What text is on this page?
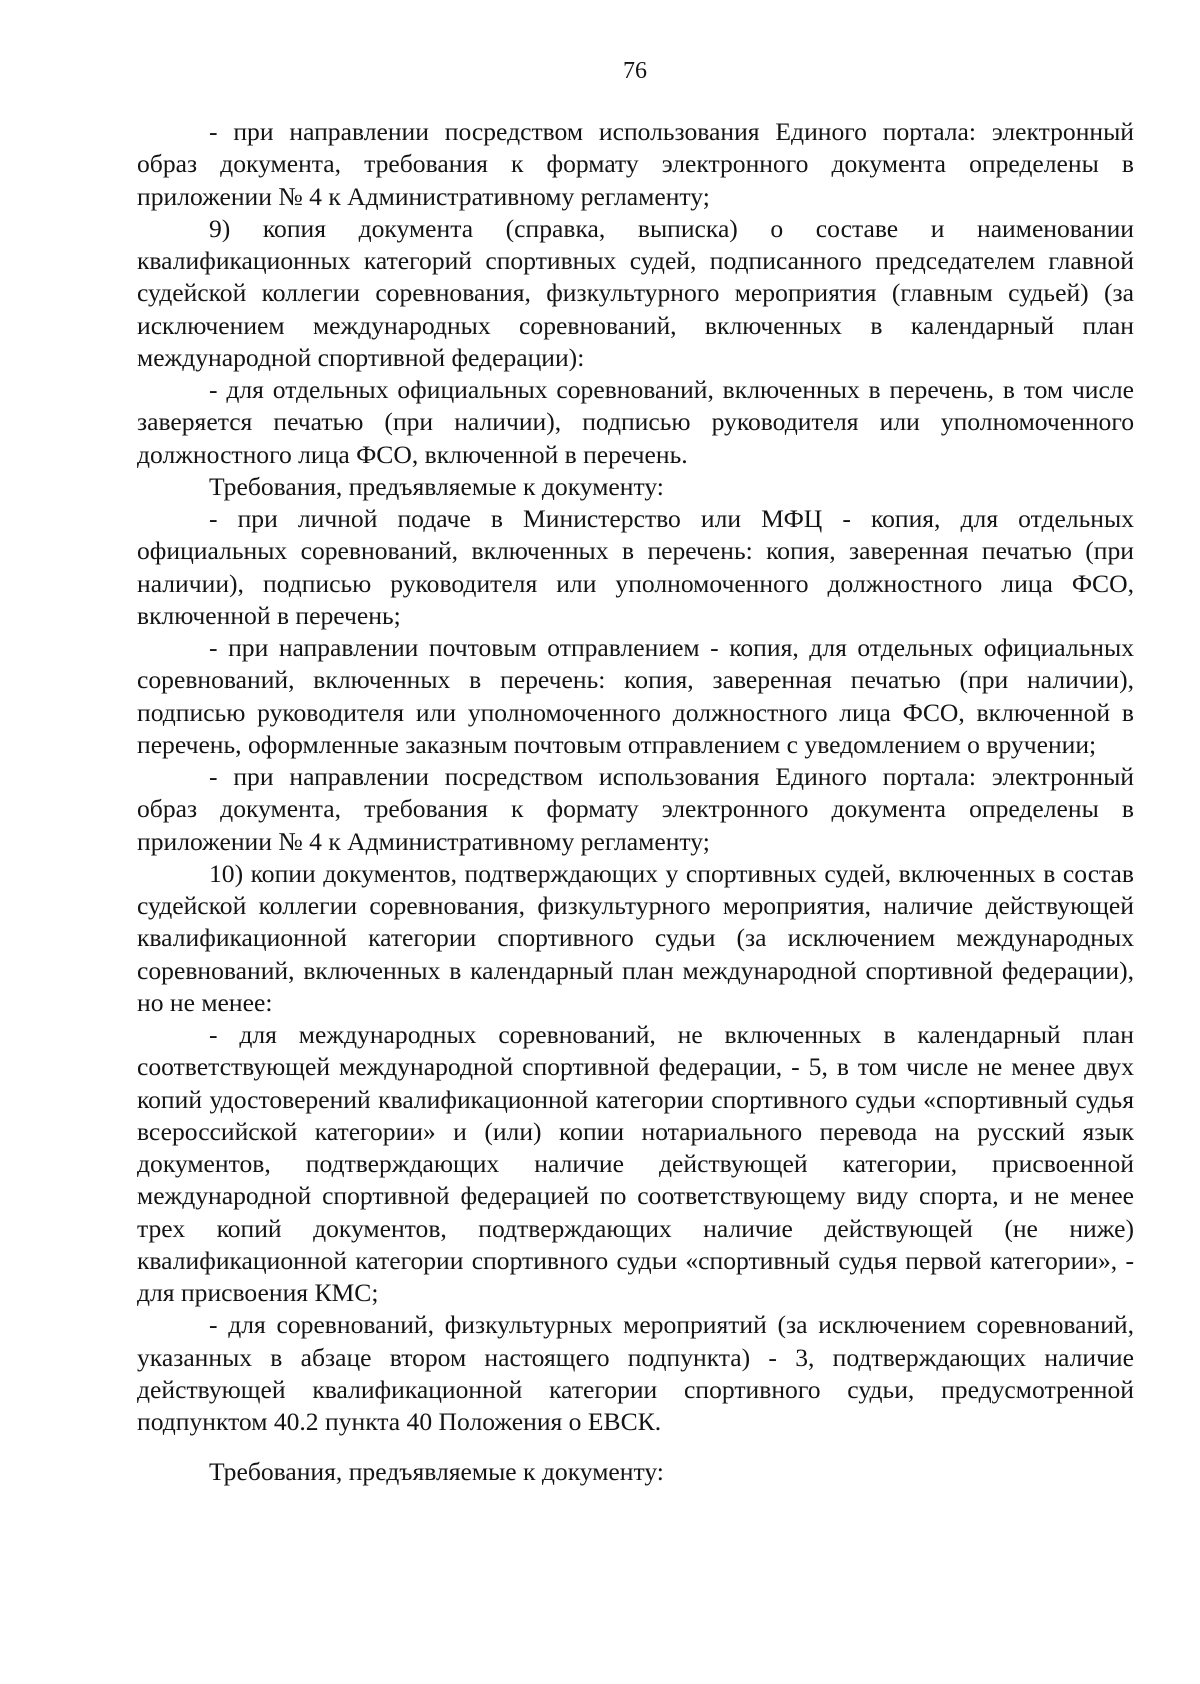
76

- при направлении посредством использования Единого портала: электронный образ документа, требования к формату электронного документа определены в приложении № 4 к Административному регламенту;

9) копия документа (справка, выписка) о составе и наименовании квалификационных категорий спортивных судей, подписанного председателем главной судейской коллегии соревнования, физкультурного мероприятия (главным судьей) (за исключением международных соревнований, включенных в календарный план международной спортивной федерации):

- для отдельных официальных соревнований, включенных в перечень, в том числе заверяется печатью (при наличии), подписью руководителя или уполномоченного должностного лица ФСО, включенной в перечень.

Требования, предъявляемые к документу:

- при личной подаче в Министерство или МФЦ - копия, для отдельных официальных соревнований, включенных в перечень: копия, заверенная печатью (при наличии), подписью руководителя или уполномоченного должностного лица ФСО, включенной в перечень;

- при направлении почтовым отправлением - копия, для отдельных официальных соревнований, включенных в перечень: копия, заверенная печатью (при наличии), подписью руководителя или уполномоченного должностного лица ФСО, включенной в перечень, оформленные заказным почтовым отправлением с уведомлением о вручении;

- при направлении посредством использования Единого портала: электронный образ документа, требования к формату электронного документа определены в приложении № 4 к Административному регламенту;

10) копии документов, подтверждающих у спортивных судей, включенных в состав судейской коллегии соревнования, физкультурного мероприятия, наличие действующей квалификационной категории спортивного судьи (за исключением международных соревнований, включенных в календарный план международной спортивной федерации), но не менее:

- для международных соревнований, не включенных в календарный план соответствующей международной спортивной федерации, - 5, в том числе не менее двух копий удостоверений квалификационной категории спортивного судьи «спортивный судья всероссийской категории» и (или) копии нотариального перевода на русский язык документов, подтверждающих наличие действующей категории, присвоенной международной спортивной федерацией по соответствующему виду спорта, и не менее трех копий документов, подтверждающих наличие действующей (не ниже) квалификационной категории спортивного судьи «спортивный судья первой категории», - для присвоения КМС;

- для соревнований, физкультурных мероприятий (за исключением соревнований, указанных в абзаце втором настоящего подпункта) - 3, подтверждающих наличие действующей квалификационной категории спортивного судьи, предусмотренной подпунктом 40.2 пункта 40 Положения о ЕВСК.

Требования, предъявляемые к документу:
